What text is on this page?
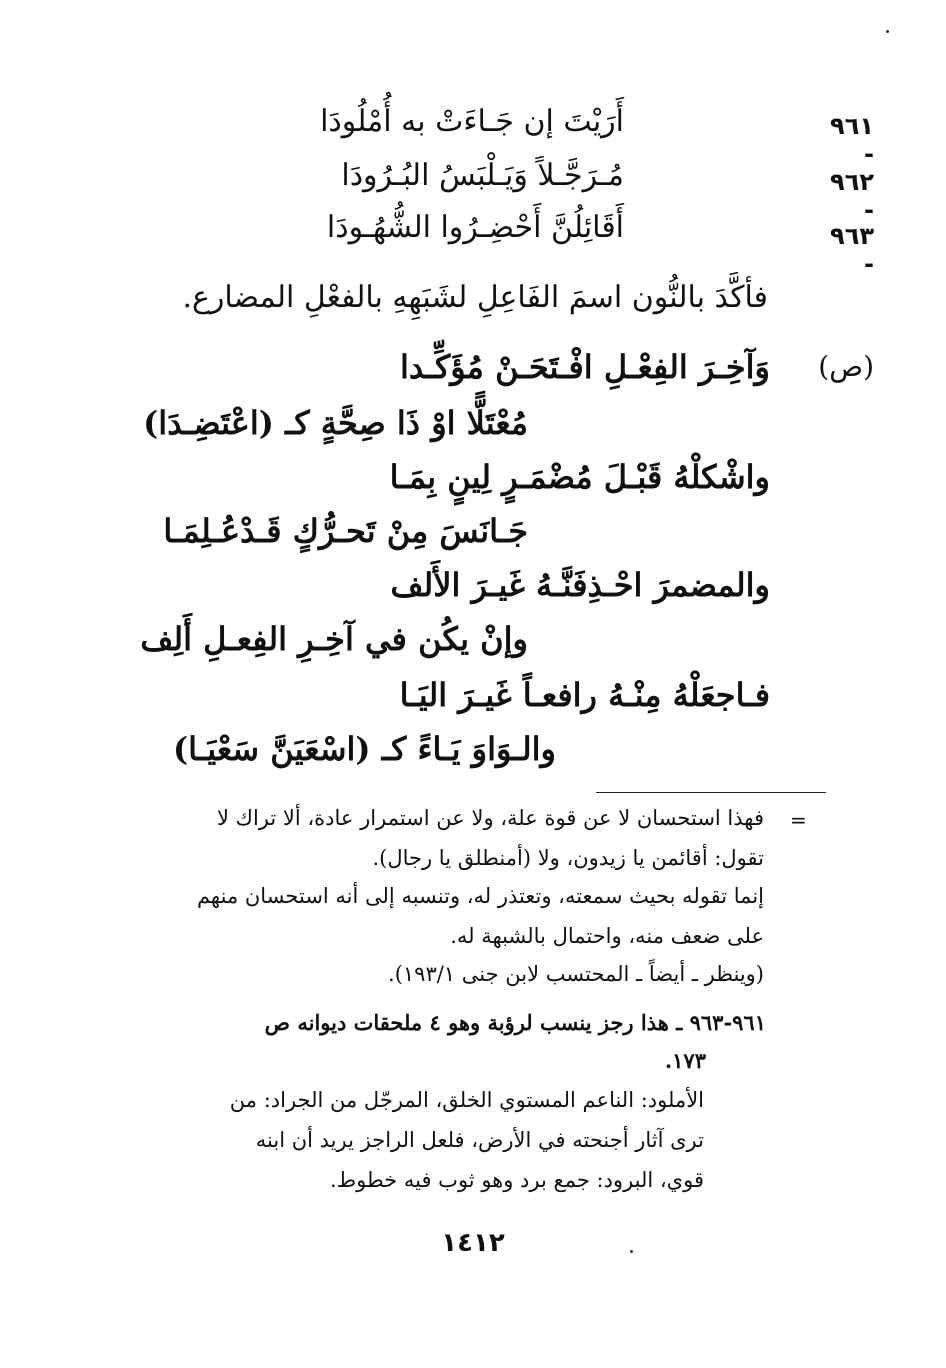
٩٦١ -
أَرَيْتَ إن جَـاءَتْ به أُمْلُودَا
٩٦٢ -
مُـرَجَّـلاً وَيَـلْبَسُ البُـرُودَا
٩٦٣ -
أَقَائِلُنَّ أَحْضِـرُوا الشُّهُـودَا
فأكَّدَ بالنُّون اسمَ الفَاعِلِ لشَبَهِهِ بالفعْلِ المضارع.
(ص)
وَآخِـرَ الفِعْـلِ افْـتَحَـنْ مُؤَكِّـدا
مُعْتَلًّا اوْ ذَا صِحَّةٍ كـ (اعْتَضِـدَا)
واشْكلْهُ قَبْـلَ مُضْمَـرٍ لِينٍ بِمَـا
جَـانَسَ مِنْ تَحـرُّكٍ قَـدْعُـلِمَـا
والمضمرَ احْـذِفَنَّـهُ غَيـرَ الأَلف
وإنْ يكُن في آخِـرِ الفِعـلِ أَلِف
فـاجعَلْهُ مِنْـهُ رافعـاً غَيـرَ اليَـا
والـوَاوَ يَـاءً كـ (اسْعَيَنَّ سَعْيَـا)
=
فهذا استحسان لا عن قوة علة، ولا عن استمرار عادة، ألا تراك لا
تقول: أقائمن يا زيدون، ولا (أمنطلق يا رجال).
إنما تقوله بحيث سمعته، وتعتذر له، وتنسبه إلى أنه استحسان منهم
على ضعف منه، واحتمال بالشبهة له.
(وينظر ـ أيضاً ـ المحتسب لابن جنى ١٩٣/١).
٩٦١-٩٦٣ ـ هذا رجز ينسب لرؤبة وهو ٤ ملحقات ديوانه ص
١٧٣.
الأملود: الناعم المستوي الخلق، المرجّل من الجراد: من
ترى آثار أجنحته في الأرض، فلعل الراجز يريد أن ابنه
قوي، البرود: جمع برد وهو ثوب فيه خطوط.
١٤١٢
